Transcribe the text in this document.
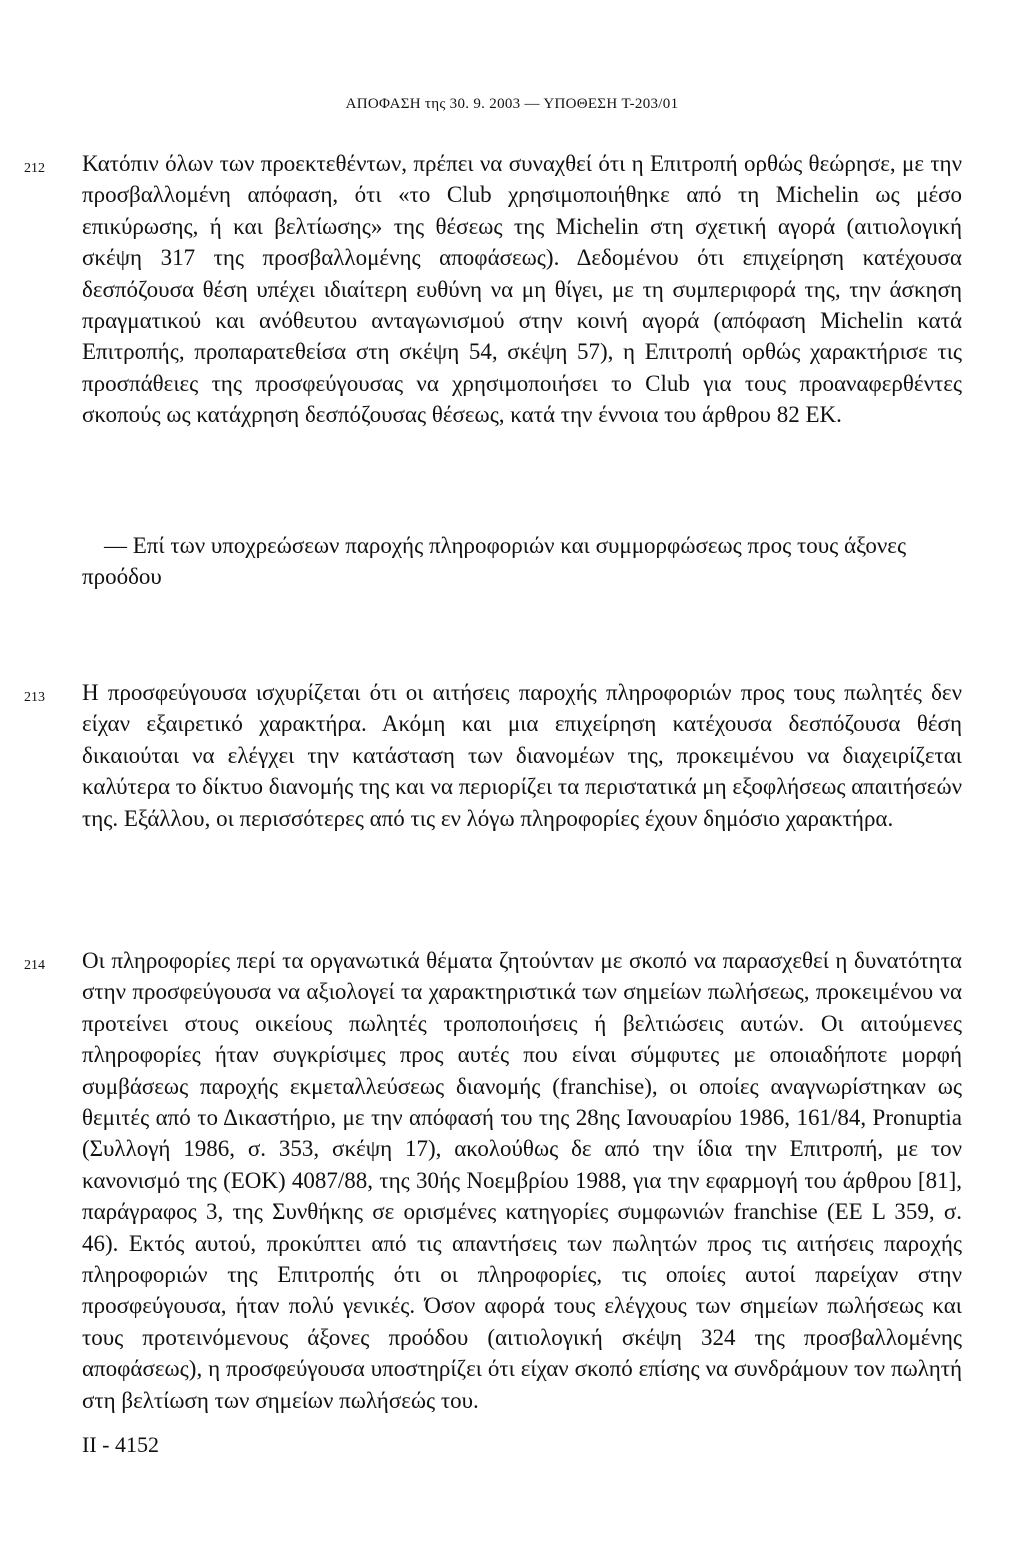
ΑΠΟΦΑΣΗ της 30. 9. 2003 — ΥΠΟΘΕΣΗ T-203/01
212	Κατόπιν όλων των προεκτεθέντων, πρέπει να συναχθεί ότι η Επιτροπή ορθώς θεώρησε, με την προσβαλλομένη απόφαση, ότι «το Club χρησιμοποιήθηκε από τη Michelin ως μέσο επικύρωσης, ή και βελτίωσης» της θέσεως της Michelin στη σχετική αγορά (αιτιολογική σκέψη 317 της προσβαλλομένης αποφάσεως). Δεδομένου ότι επιχείρηση κατέχουσα δεσπόζουσα θέση υπέχει ιδιαίτερη ευθύνη να μη θίγει, με τη συμπεριφορά της, την άσκηση πραγματικού και ανόθευτου ανταγωνισμού στην κοινή αγορά (απόφαση Michelin κατά Επιτροπής, προπαρατεθείσα στη σκέψη 54, σκέψη 57), η Επιτροπή ορθώς χαρακτήρισε τις προσπάθειες της προσφεύγουσας να χρησιμοποιήσει το Club για τους προαναφερθέντες σκοπούς ως κατάχρηση δεσπόζουσας θέσεως, κατά την έννοια του άρθρου 82 ΕΚ.
— Επί των υποχρεώσεων παροχής πληροφοριών και συμμορφώσεως προς τους άξονες προόδου
213	Η προσφεύγουσα ισχυρίζεται ότι οι αιτήσεις παροχής πληροφοριών προς τους πωλητές δεν είχαν εξαιρετικό χαρακτήρα. Ακόμη και μια επιχείρηση κατέχουσα δεσπόζουσα θέση δικαιούται να ελέγχει την κατάσταση των διανομέων της, προκειμένου να διαχειρίζεται καλύτερα το δίκτυο διανομής της και να περιορίζει τα περιστατικά μη εξοφλήσεως απαιτήσεών της. Εξάλλου, οι περισσότερες από τις εν λόγω πληροφορίες έχουν δημόσιο χαρακτήρα.
214	Οι πληροφορίες περί τα οργανωτικά θέματα ζητούνταν με σκοπό να παρασχεθεί η δυνατότητα στην προσφεύγουσα να αξιολογεί τα χαρακτηριστικά των σημείων πωλήσεως, προκειμένου να προτείνει στους οικείους πωλητές τροποποιήσεις ή βελτιώσεις αυτών. Οι αιτούμενες πληροφορίες ήταν συγκρίσιμες προς αυτές που είναι σύμφυτες με οποιαδήποτε μορφή συμβάσεως παροχής εκμεταλλεύσεως διανομής (franchise), οι οποίες αναγνωρίστηκαν ως θεμιτές από το Δικαστήριο, με την απόφασή του της 28ης Ιανουαρίου 1986, 161/84, Pronuptia (Συλλογή 1986, σ. 353, σκέψη 17), ακολούθως δε από την ίδια την Επιτροπή, με τον κανονισμό της (ΕΟΚ) 4087/88, της 30ής Νοεμβρίου 1988, για την εφαρμογή του άρθρου [81], παράγραφος 3, της Συνθήκης σε ορισμένες κατηγορίες συμφωνιών franchise (ΕΕ L 359, σ. 46). Εκτός αυτού, προκύπτει από τις απαντήσεις των πωλητών προς τις αιτήσεις παροχής πληροφοριών της Επιτροπής ότι οι πληροφορίες, τις οποίες αυτοί παρείχαν στην προσφεύγουσα, ήταν πολύ γενικές. Όσον αφορά τους ελέγχους των σημείων πωλήσεως και τους προτεινόμενους άξονες προόδου (αιτιολογική σκέψη 324 της προσβαλλομένης αποφάσεως), η προσφεύγουσα υποστηρίζει ότι είχαν σκοπό επίσης να συνδράμουν τον πωλητή στη βελτίωση των σημείων πωλήσεώς του.
II - 4152
